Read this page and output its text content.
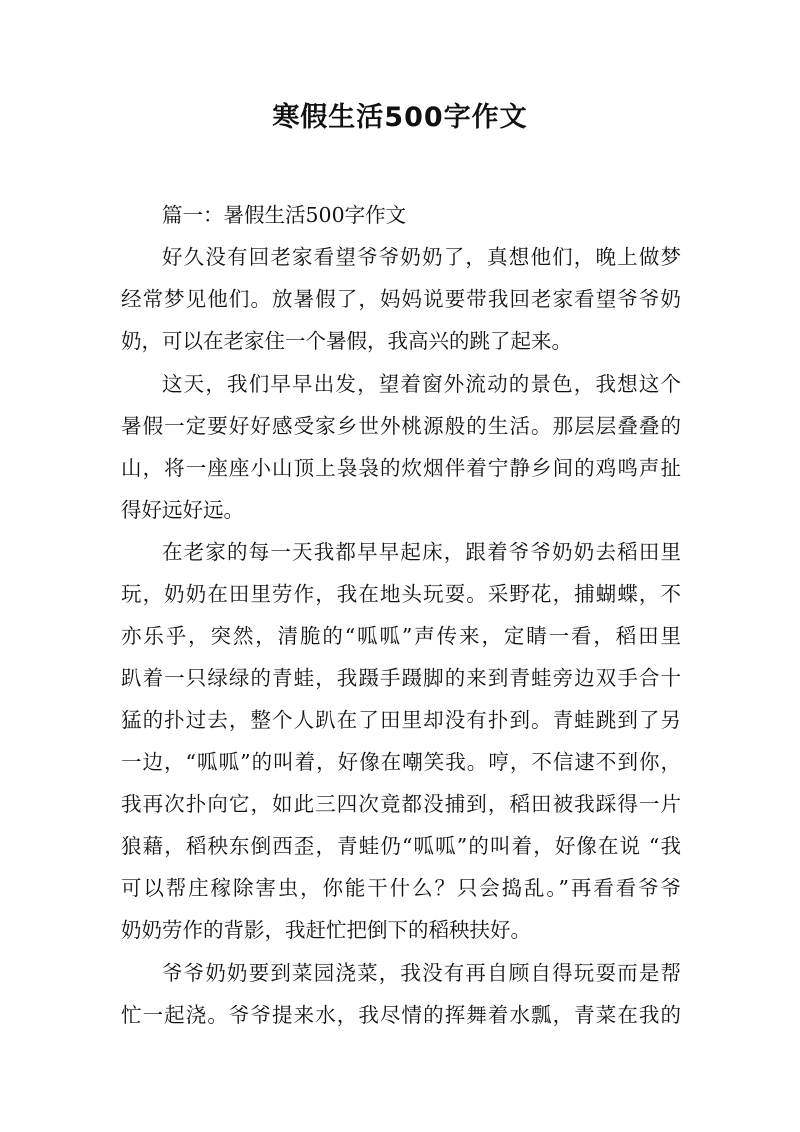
寒假生活500字作文

篇一：暑假生活500字作文

好久没有回老家看望爷爷奶奶了，真想他们，晚上做梦

经常梦见他们。放暑假了，妈妈说要带我回老家看望爷爷奶

奶，可以在老家住一个暑假，我高兴的跳了起来。

这天，我们早早出发，望着窗外流动的景色，我想这个

暑假一定要好好感受家乡世外桃源般的生活。那层层叠叠的

山，将一座座小山顶上袅袅的炊烟伴着宁静乡间的鸡鸣声扯

得好远好远。

在老家的每一天我都早早起床，跟着爷爷奶奶去稻田里

玩，奶奶在田里劳作，我在地头玩耍。采野花，捕蝴蝶，不

亦乐乎，突然，清脆的“呱呱”声传来，定睛一看，稻田里

趴着一只绿绿的青蛙，我蹑手蹑脚的来到青蛙旁边双手合十

猛的扑过去，整个人趴在了田里却没有扑到。青蛙跳到了另

一边，“呱呱”的叫着，好像在嘲笑我。哼，不信逮不到你，

我再次扑向它，如此三四次竟都没捕到，稻田被我踩得一片

狼藉，稻秧东倒西歪，青蛙仍“呱呱”的叫着，好像在说 “我

可以帮庄稼除害虫，你能干什么？只会捣乱。”再看看爷爷

奶奶劳作的背影，我赶忙把倒下的稻秧扶好。

爷爷奶奶要到菜园浇菜，我没有再自顾自得玩耍而是帮

忙一起浇。爷爷提来水，我尽情的挥舞着水瓢，青菜在我的
